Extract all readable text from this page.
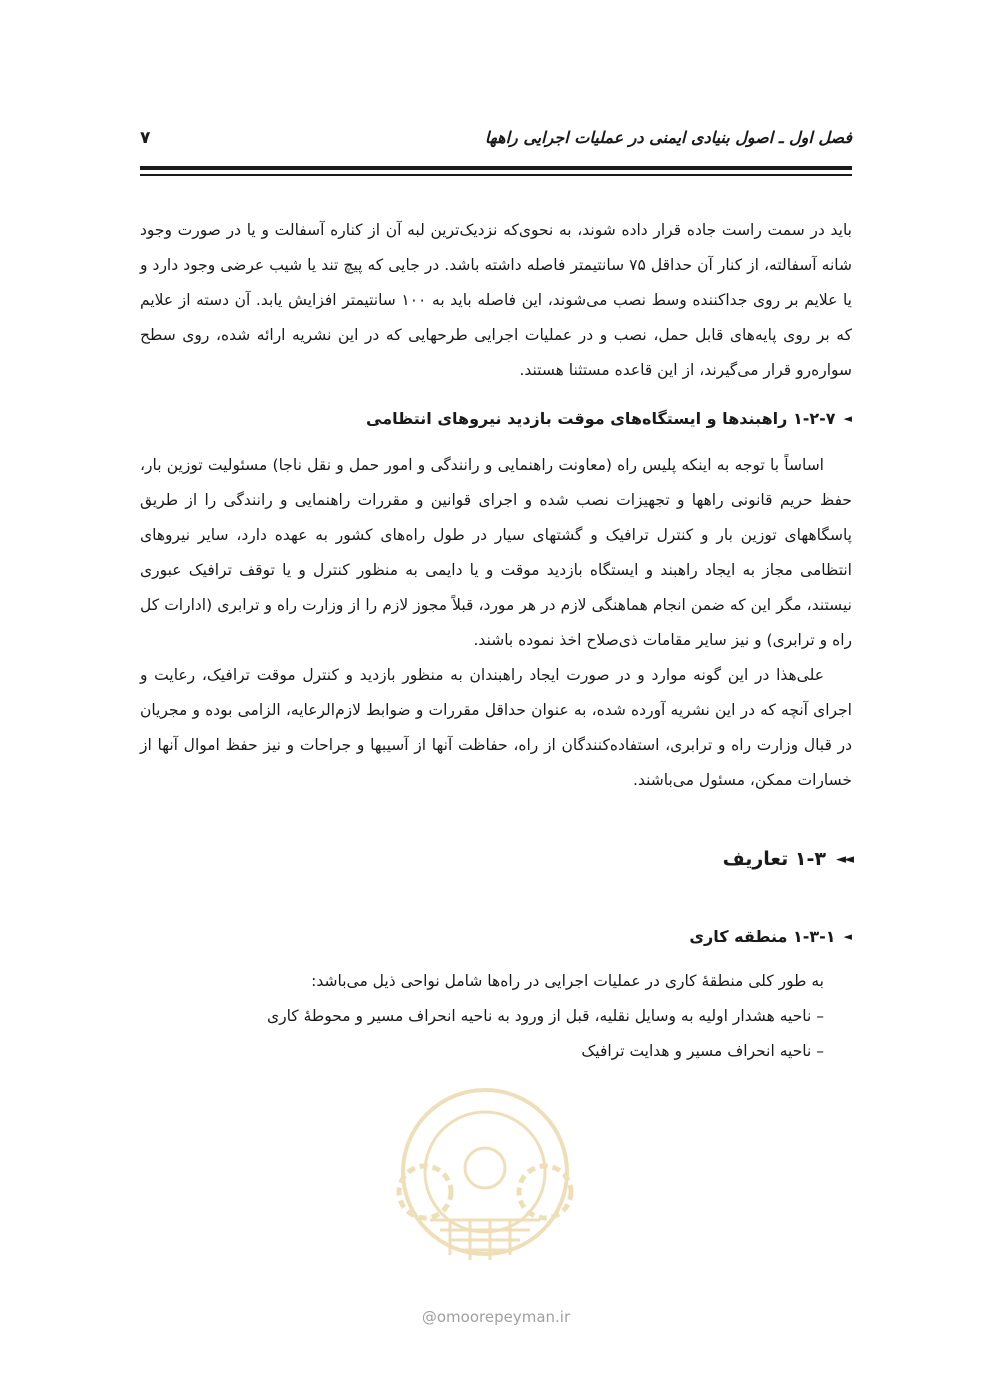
فصل اول ـ اصول بنیادی ایمنی در عملیات اجرایی راهها
۷

باید در سمت راست جاده قرار داده شوند، به نحوی‌که نزدیک‌ترین لبه آن از کناره آسفالت و یا در صورت وجود شانه آسفالته، از کنار آن حداقل ۷۵ سانتیمتر فاصله داشته باشد. در جایی که پیچ تند یا شیب عرضی وجود دارد و یا علایم بر روی جداکننده وسط نصب می‌شوند، این فاصله باید به ۱۰۰ سانتیمتر افزایش یابد. آن دسته از علایم که بر روی پایه‌های قابل حمل، نصب و در عملیات اجرایی طرحهایی که در این نشریه ارائه شده، روی سطح سواره‌رو قرار می‌گیرند، از این قاعده مستثنا هستند.

◄
۱-۲-۷ راهبندها و ایستگاه‌های موقت بازدید نیروهای انتظامی

اساساً با توجه به اینکه پلیس راه (معاونت راهنمایی و رانندگی و امور حمل و نقل ناجا) مسئولیت توزین بار، حفظ حریم قانونی راهها و تجهیزات نصب شده و اجرای قوانین و مقررات راهنمایی و رانندگی را از طریق پاسگاههای توزین بار و کنترل ترافیک و گشتهای سیار در طول راه‌های کشور به عهده دارد، سایر نیروهای انتظامی مجاز به ایجاد راهبند و ایستگاه بازدید موقت و یا دایمی به منظور کنترل و یا توقف ترافیک عبوری نیستند، مگر این که ضمن انجام هماهنگی لازم در هر مورد، قبلاً مجوز لازم را از وزارت راه و ترابری (ادارات کل راه و ترابری) و نیز سایر مقامات ذی‌صلاح اخذ نموده باشند.

علی‌هذا در این گونه موارد و در صورت ایجاد راهبندان به منظور بازدید و کنترل موقت ترافیک، رعایت و اجرای آنچه که در این نشریه آورده شده، به عنوان حداقل مقررات و ضوابط لازم‌الرعایه، الزامی بوده و مجریان در قبال وزارت راه و ترابری، استفاده‌کنندگان از راه، حفاظت آنها از آسیبها و جراحات و نیز حفظ اموال آنها از خسارات ممکن، مسئول می‌باشند.

◄◄
۱-۳ تعاریف
◄
۱-۳-۱ منطقه کاری

به طور کلی منطقهٔ کاری در عملیات اجرایی در راه‌ها شامل نواحی ذیل می‌باشد:

– ناحیه هشدار اولیه به وسایل نقلیه، قبل از ورود به ناحیه انحراف مسیر و محوطهٔ کاری
– ناحیه انحراف مسیر و هدایت ترافیک
@omoorepeyman.ir
